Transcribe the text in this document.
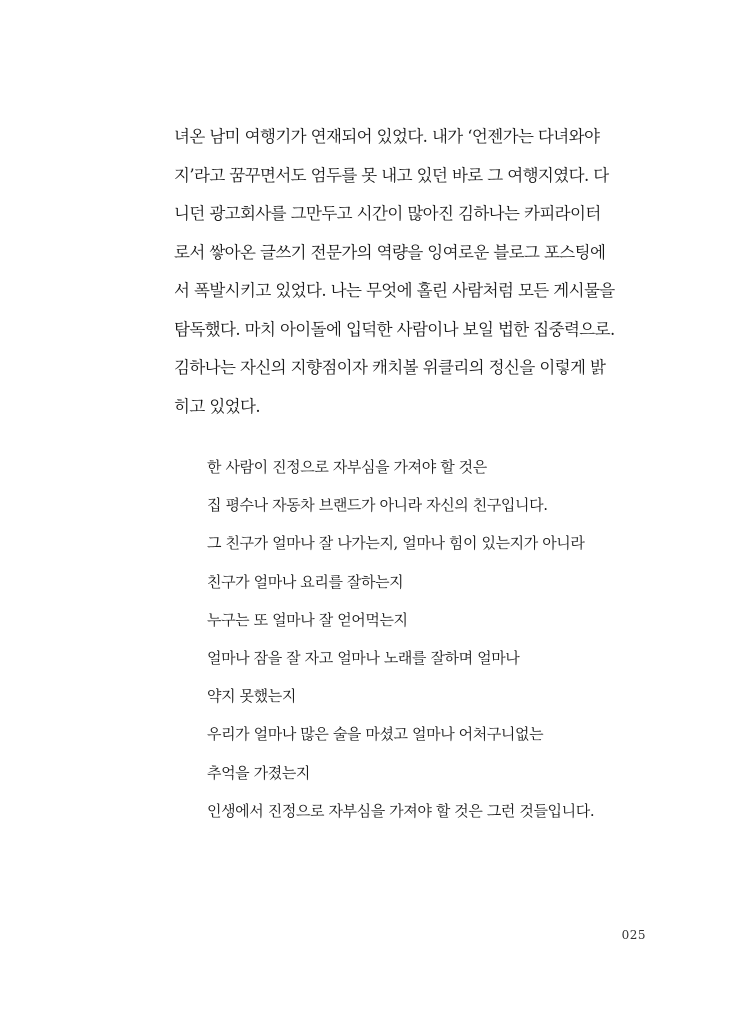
녀온 남미 여행기가 연재되어 있었다. 내가 ‘언젠가는 다녀와야
지’라고 꿈꾸면서도 엄두를 못 내고 있던 바로 그 여행지였다. 다
니던 광고회사를 그만두고 시간이 많아진 김하나는 카피라이터
로서 쌓아온 글쓰기 전문가의 역량을 잉여로운 블로그 포스팅에
서 폭발시키고 있었다. 나는 무엇에 홀린 사람처럼 모든 게시물을
탐독했다. 마치 아이돌에 입덕한 사람이나 보일 법한 집중력으로.
김하나는 자신의 지향점이자 캐치볼 위클리의 정신을 이렇게 밝
히고 있었다.
한 사람이 진정으로 자부심을 가져야 할 것은
집 평수나 자동차 브랜드가 아니라 자신의 친구입니다.
그 친구가 얼마나 잘 나가는지, 얼마나 힘이 있는지가 아니라
친구가 얼마나 요리를 잘하는지
누구는 또 얼마나 잘 얻어먹는지
얼마나 잠을 잘 자고 얼마나 노래를 잘하며 얼마나
약지 못했는지
우리가 얼마나 많은 술을 마셨고 얼마나 어처구니없는
추억을 가졌는지
인생에서 진정으로 자부심을 가져야 할 것은 그런 것들입니다.
025
